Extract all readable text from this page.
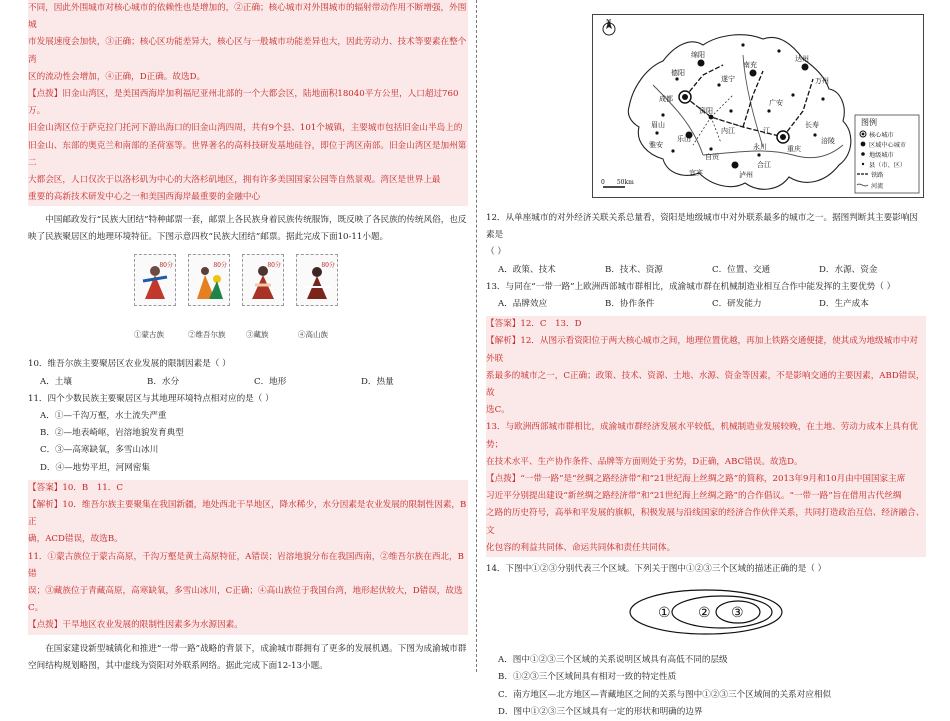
不同，因此外围城市对核心城市的依赖性也是增加的，②正确；核心城市对外围城市的辐射带动作用不断增强，外围城

市发展速度会加快，③正确；核心区功能差异大，核心区与一般城市功能差异也大，因此劳动力、技术等要素在整个湾

区的流动性会增加，④正确，D正确。故选D。

【点拨】旧金山湾区，是美国西海岸加利福尼亚州北部的一个大都会区，陆地面积18040平方公里，人口超过760万。

旧金山湾区位于萨克拉门托河下游出海口的旧金山湾四周，共有9个县、101个城镇，主要城市包括旧金山半岛上的

旧金山、东部的奥克兰和南部的圣荷塞等。世界著名的高科技研发基地硅谷，即位于湾区南部。旧金山湾区是加州第二

大都会区，人口仅次于以洛杉矶为中心的大洛杉矶地区，拥有许多美国国家公园等自然景观。湾区是世界上最

重要的高新技术研发中心之一和美国西海岸最重要的金融中心

中国邮政发行“民族大团结”特种邮票一套，邮票上各民族身着民族传统服饰，既反映了各民族的传统风俗，也反

映了民族聚居区的地理环境特征。下图示意四枚“民族大团结”邮票。据此完成下面10-11小题。

80分	80分	80分	80分
①蒙古族	②维吾尔族	③藏族	④高山族

10．维吾尔族主要聚居区农业发展的限制因素是（ ）

A．土壤	B．水分	C．地形	D．热量

11．四个少数民族主要聚居区与其地理环境特点相对应的是（ ）

A．①—千沟万壑，水土流失严重

B．②—地表崎岖，岩溶地貌发育典型

C．③—高寒缺氧，多雪山冰川

D．④—地势平坦，河网密集

【答案】10．B　11．C

【解析】10．维吾尔族主要聚集在我国新疆，地处西北干旱地区，降水稀少，水分因素是农业发展的限制性因素，B正

确，ACD错误，故选B。

11．①蒙古族位于蒙古高原，千沟万壑是黄土高原特征，A错误；岩溶地貌分布在我国西南，②维吾尔族在西北，B错

误；③藏族位于青藏高原，高寒缺氧，多雪山冰川，C正确；④高山族位于我国台湾，地形起伏较大，D错误，故选

C。

【点拨】干旱地区农业发展的限制性因素多为水源因素。

在国家建设新型城镇化和推进“一带一路”战略的背景下，成渝城市群拥有了更多的发展机遇。下图为成渝城市群

空间结构规划略图，其中虚线为资阳对外联系网络。据此完成下面12-13小题。

N
绵阳
南充
达州
万州
德阳
成都
遂宁
广安
资阳
眉山
雅安
内江
重庆
乐山
自贡
宜宾	泸州
永川
长寿
涪陵
合江
江
0　　50km
图例
核心城市
区域中心城市
地级城市
县（市、区）
铁路
河流

12．从单座城市的对外经济关联关系总量看，资阳是地级城市中对外联系最多的城市之一。据图判断其主要影响因素是

（ ）

A．政策、技术	B．技术、资源	C．位置、交通	D．水源、资金

13．与同在“一带一路”上欧洲西部城市群相比，成渝城市群在机械制造业相互合作中能发挥的主要优势（ ）

A．品牌效应	B．协作条件	C．研发能力	D．生产成本

【答案】12．C　13．D

【解析】12．从图示看资阳位于两大核心城市之间，地理位置优越，再加上铁路交通便捷，使其成为地级城市中对外联

系最多的城市之一，C正确；政策、技术、资源、土地、水源、资金等因素，不是影响交通的主要因素，ABD错误，故

选C。

13．与欧洲西部城市群相比，成渝城市群经济发展水平较低，机械制造业发展较晚，在土地、劳动力成本上具有优势；

在技术水平、生产协作条件、品牌等方面则处于劣势，D正确，ABC错误。故选D。

【点拨】“一带一路”是“丝绸之路经济带”和“21世纪海上丝绸之路”的简称，2013年9月和10月由中国国家主席

习近平分别提出建设“新丝绸之路经济带”和“21世纪海上丝绸之路”的合作倡议。“一带一路”旨在借用古代丝绸

之路的历史符号，高举和平发展的旗帜，积极发展与沿线国家的经济合作伙伴关系，共同打造政治互信、经济融合、文

化包容的利益共同体、命运共同体和责任共同体。

14．下图中①②③分别代表三个区域。下列关于图中①②③三个区域的描述正确的是（ ）

① ② ③

A．图中①②③三个区域的关系说明区域具有高低不同的层级

B．①②③三个区域间具有相对一致的特定性质

C．南方地区—北方地区—青藏地区之间的关系与图中①②③三个区域间的关系对应相似

D．图中①②③三个区域具有一定的形状和明确的边界
